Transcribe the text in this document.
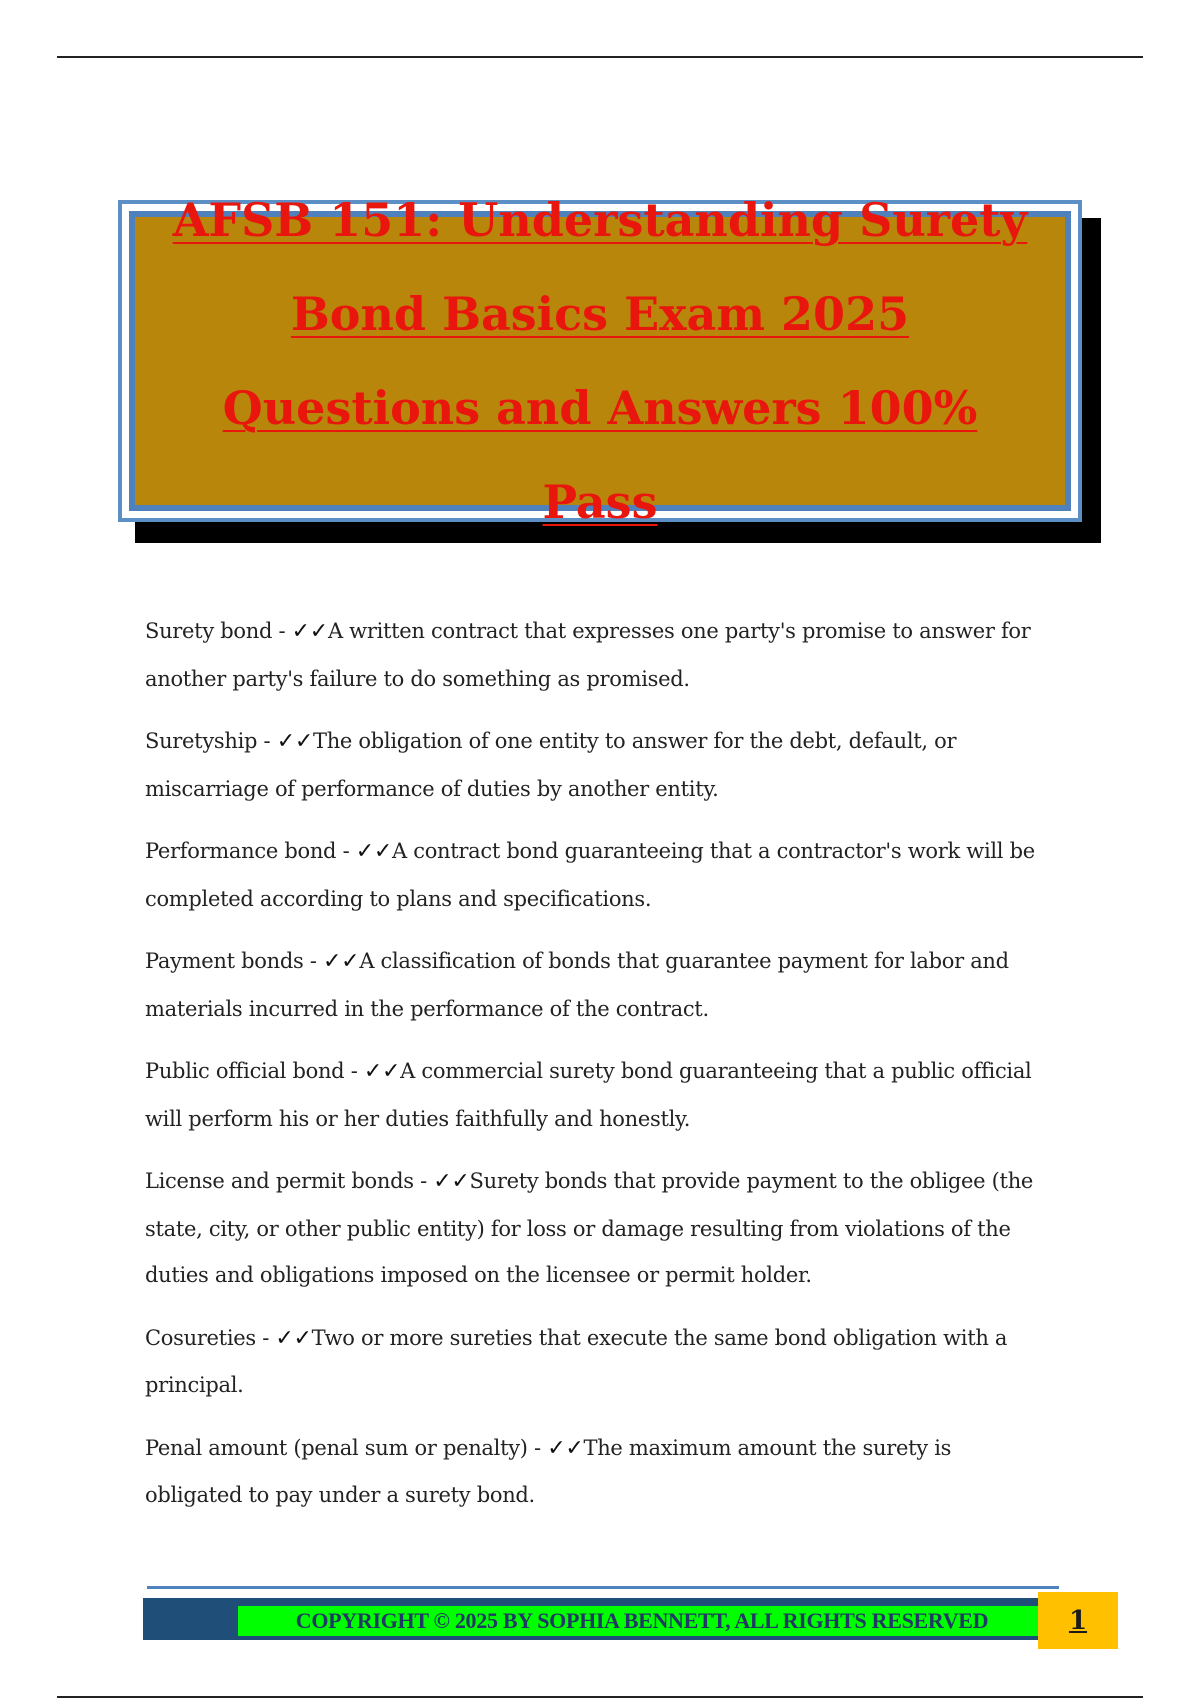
AFSB 151: Understanding Surety Bond Basics Exam 2025 Questions and Answers 100% Pass

Surety bond - ✓✓A written contract that expresses one party's promise to answer for another party's failure to do something as promised.

Suretyship - ✓✓The obligation of one entity to answer for the debt, default, or miscarriage of performance of duties by another entity.

Performance bond - ✓✓A contract bond guaranteeing that a contractor's work will be completed according to plans and specifications.

Payment bonds - ✓✓A classification of bonds that guarantee payment for labor and materials incurred in the performance of the contract.

Public official bond - ✓✓A commercial surety bond guaranteeing that a public official will perform his or her duties faithfully and honestly.

License and permit bonds - ✓✓Surety bonds that provide payment to the obligee (the state, city, or other public entity) for loss or damage resulting from violations of the duties and obligations imposed on the licensee or permit holder.

Cosureties - ✓✓Two or more sureties that execute the same bond obligation with a principal.

Penal amount (penal sum or penalty) - ✓✓The maximum amount the surety is obligated to pay under a surety bond.

COPYRIGHT © 2025 BY SOPHIA BENNETT, ALL RIGHTS RESERVED	1
